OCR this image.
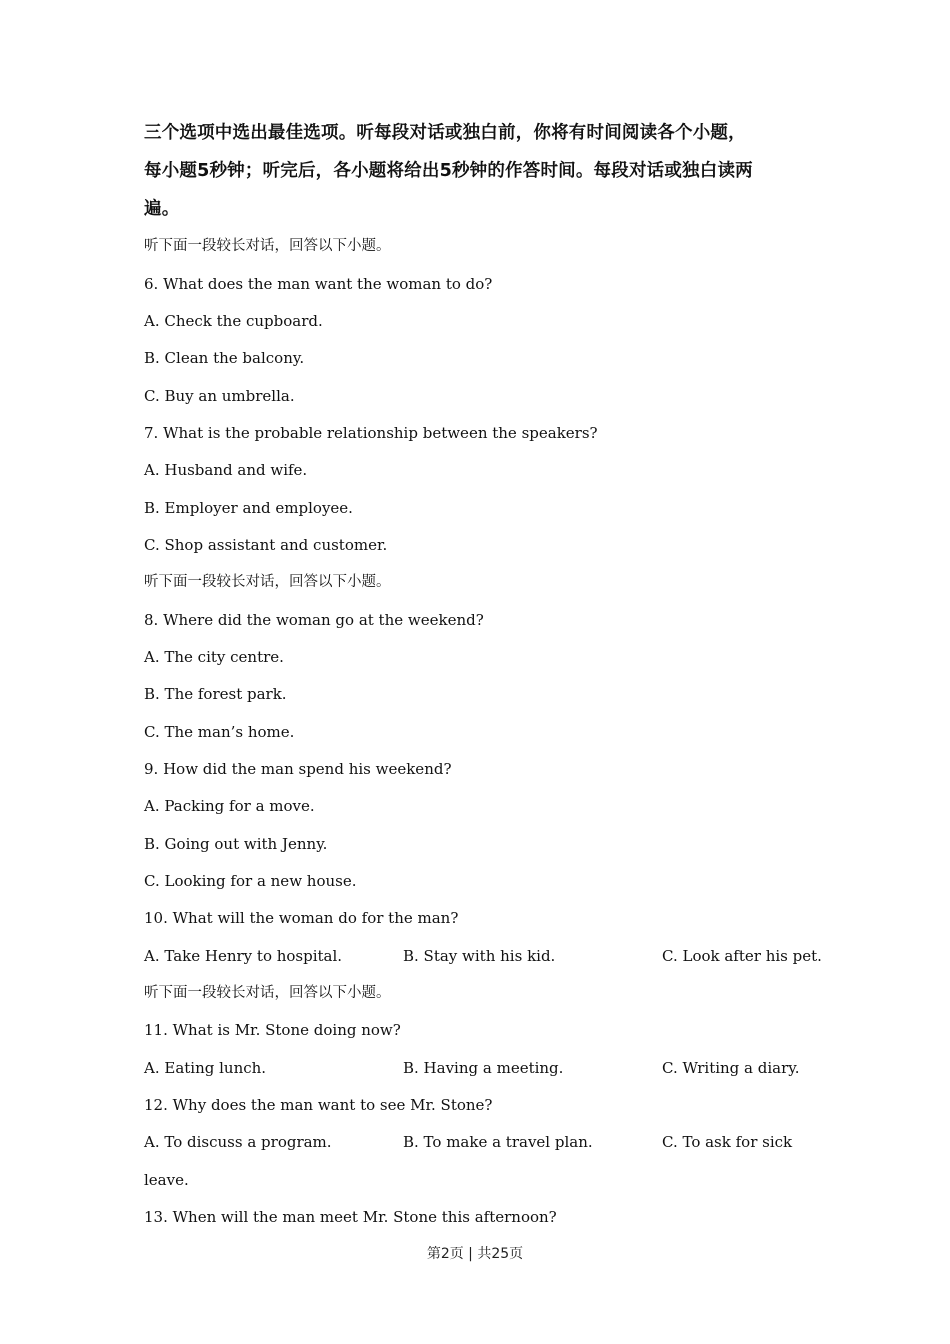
三个选项中选出最佳选项。听每段对话或独白前，你将有时间阅读各个小题，
每小题5秒钟；听完后，各小题将给出5秒钟的作答时间。每段对话或独白读两
遍。
听下面一段较长对话，回答以下小题。
6. What does the man want the woman to do?
A. Check the cupboard.
B. Clean the balcony.
C. Buy an umbrella.
7. What is the probable relationship between the speakers?
A. Husband and wife.
B. Employer and employee.
C. Shop assistant and customer.
听下面一段较长对话，回答以下小题。
8. Where did the woman go at the weekend?
A. The city centre.
B. The forest park.
C. The man’s home.
9. How did the man spend his weekend?
A. Packing for a move.
B. Going out with Jenny.
C. Looking for a new house.
10. What will the woman do for the man?
A. Take Henry to hospital.	B. Stay with his kid.	C. Look after his pet.
听下面一段较长对话，回答以下小题。
11. What is Mr. Stone doing now?
A. Eating lunch.	B. Having a meeting.	C. Writing a diary.
12. Why does the man want to see Mr. Stone?
A. To discuss a program.	B. To make a travel plan.	C. To ask for sick
leave.
13. When will the man meet Mr. Stone this afternoon?
第2页 | 共25页
